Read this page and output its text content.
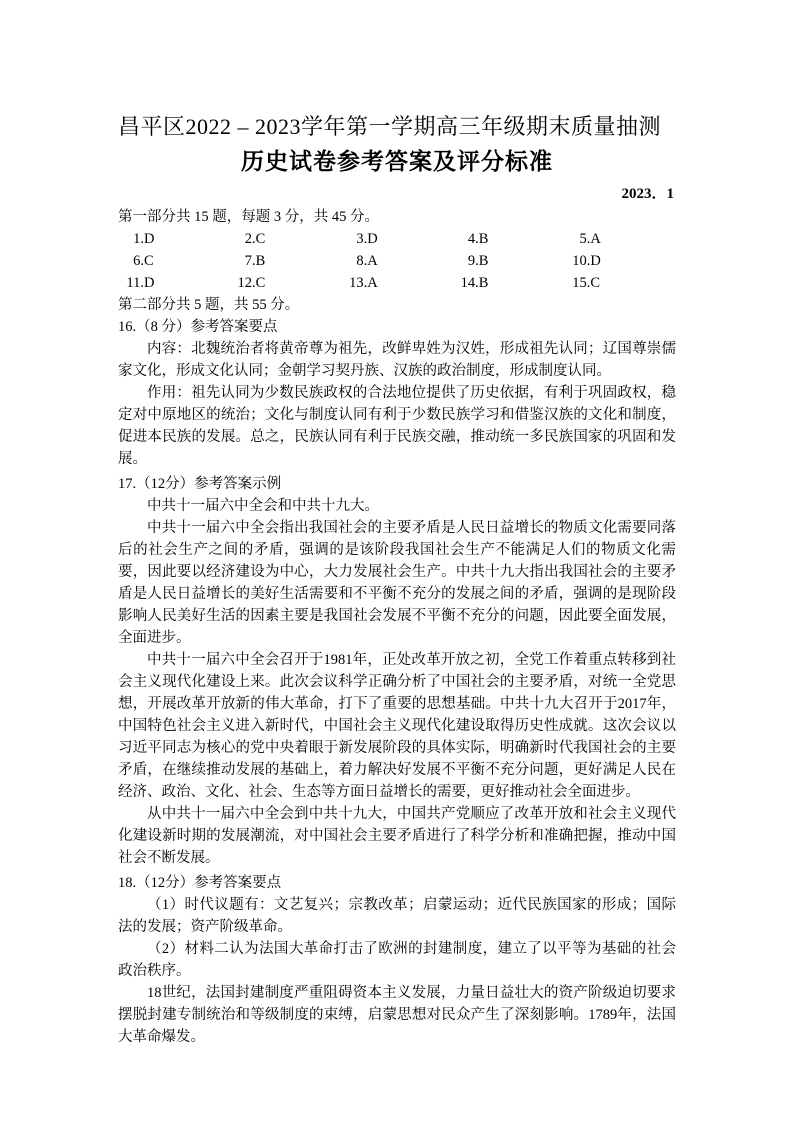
昌平区2022 – 2023学年第一学期高三年级期末质量抽测
历史试卷参考答案及评分标准
2023．1

第一部分共 15 题，每题 3 分，共 45 分。

1.D	2.C	3.D	4.B	5.A
6.C	7.B	8.A	9.B	10.D
11.D	12.C	13.A	14.B	15.C

第二部分共 5 题，共 55 分。

16.（8 分）参考答案要点

内容：北魏统治者将黄帝尊为祖先，改鲜卑姓为汉姓，形成祖先认同；辽国尊崇儒家文化，形成文化认同；金朝学习契丹族、汉族的政治制度，形成制度认同。

作用：祖先认同为少数民族政权的合法地位提供了历史依据，有利于巩固政权，稳定对中原地区的统治；文化与制度认同有利于少数民族学习和借鉴汉族的文化和制度，促进本民族的发展。总之，民族认同有利于民族交融，推动统一多民族国家的巩固和发展。

17.（12分）参考答案示例

中共十一届六中全会和中共十九大。

中共十一届六中全会指出我国社会的主要矛盾是人民日益增长的物质文化需要同落后的社会生产之间的矛盾，强调的是该阶段我国社会生产不能满足人们的物质文化需要，因此要以经济建设为中心，大力发展社会生产。中共十九大指出我国社会的主要矛盾是人民日益增长的美好生活需要和不平衡不充分的发展之间的矛盾，强调的是现阶段影响人民美好生活的因素主要是我国社会发展不平衡不充分的问题，因此要全面发展，全面进步。

中共十一届六中全会召开于1981年，正处改革开放之初，全党工作着重点转移到社会主义现代化建设上来。此次会议科学正确分析了中国社会的主要矛盾，对统一全党思想，开展改革开放新的伟大革命，打下了重要的思想基础。中共十九大召开于2017年，中国特色社会主义进入新时代，中国社会主义现代化建设取得历史性成就。这次会议以习近平同志为核心的党中央着眼于新发展阶段的具体实际，明确新时代我国社会的主要矛盾，在继续推动发展的基础上，着力解决好发展不平衡不充分问题，更好满足人民在经济、政治、文化、社会、生态等方面日益增长的需要，更好推动社会全面进步。

从中共十一届六中全会到中共十九大，中国共产党顺应了改革开放和社会主义现代化建设新时期的发展潮流，对中国社会主要矛盾进行了科学分析和准确把握，推动中国社会不断发展。

18.（12分）参考答案要点

（1）时代议题有：文艺复兴；宗教改革；启蒙运动；近代民族国家的形成；国际法的发展；资产阶级革命。

（2）材料二认为法国大革命打击了欧洲的封建制度，建立了以平等为基础的社会政治秩序。

18世纪，法国封建制度严重阻碍资本主义发展，力量日益壮大的资产阶级迫切要求摆脱封建专制统治和等级制度的束缚，启蒙思想对民众产生了深刻影响。1789年，法国大革命爆发。
